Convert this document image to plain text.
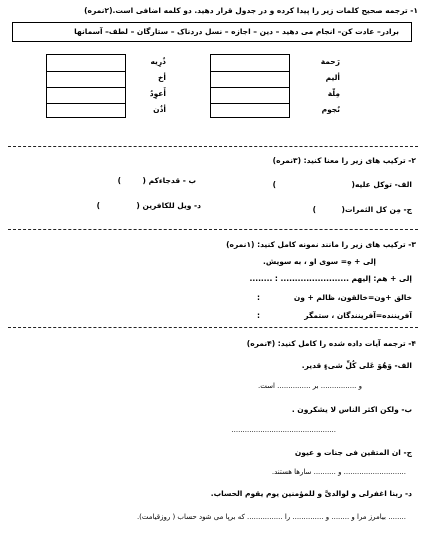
۱- ترجمه صحیح کلمات زیر را پیدا کرده و در جدول قرار دهید. دو کلمه اضافی است.(۲نمره)
برادر– عادت کن– انجام می دهید – دین – اجازه – نسل دردناک – ستارگان – لطف– آسمانها
رَحمة
أليم
مِلّة
نُجوم
ذُرِيه
أخ
أَعوِدُ
أذُن
۲- ترکیب های زیر را معنا کنید: (۳نمره)
الف- توکل علیه(
)
ب - قدجاءکم (
)
ج- مِن کل الثمرات(
)
د- ویل للکافرین (
)
۳- ترکیب های زیر را مانند نمونه کامل کنید: (۱نمره)
إلی + هِ= سوی او ، به سویش.
إلی + هم: إلیهم ........................ : ........
خالق +ون=خالقون، ظالم + ون
:
آفریننده=آفرینندگان ، ستمگر
:
۴- ترجمه آیات داده شده را کامل کنید: (۴نمره)
الف- وَهُوَ عَلی کُلِّ شیءٍ قدیر.
و ................ بر ............... است.
ب- ولکن اکثر الناس لا یشکرون .
...............................................
ج- ان المتقین فی جنات و عیون
............................ و .......... سارها هستند.
د- ربنا اغفرلی و لوالدیَّ و للمؤمنین یوم یقوم الحساب.
........ بیامرز مرا و ........ و .............. را ................ که برپا می شود حساب ( روزقیامت).
